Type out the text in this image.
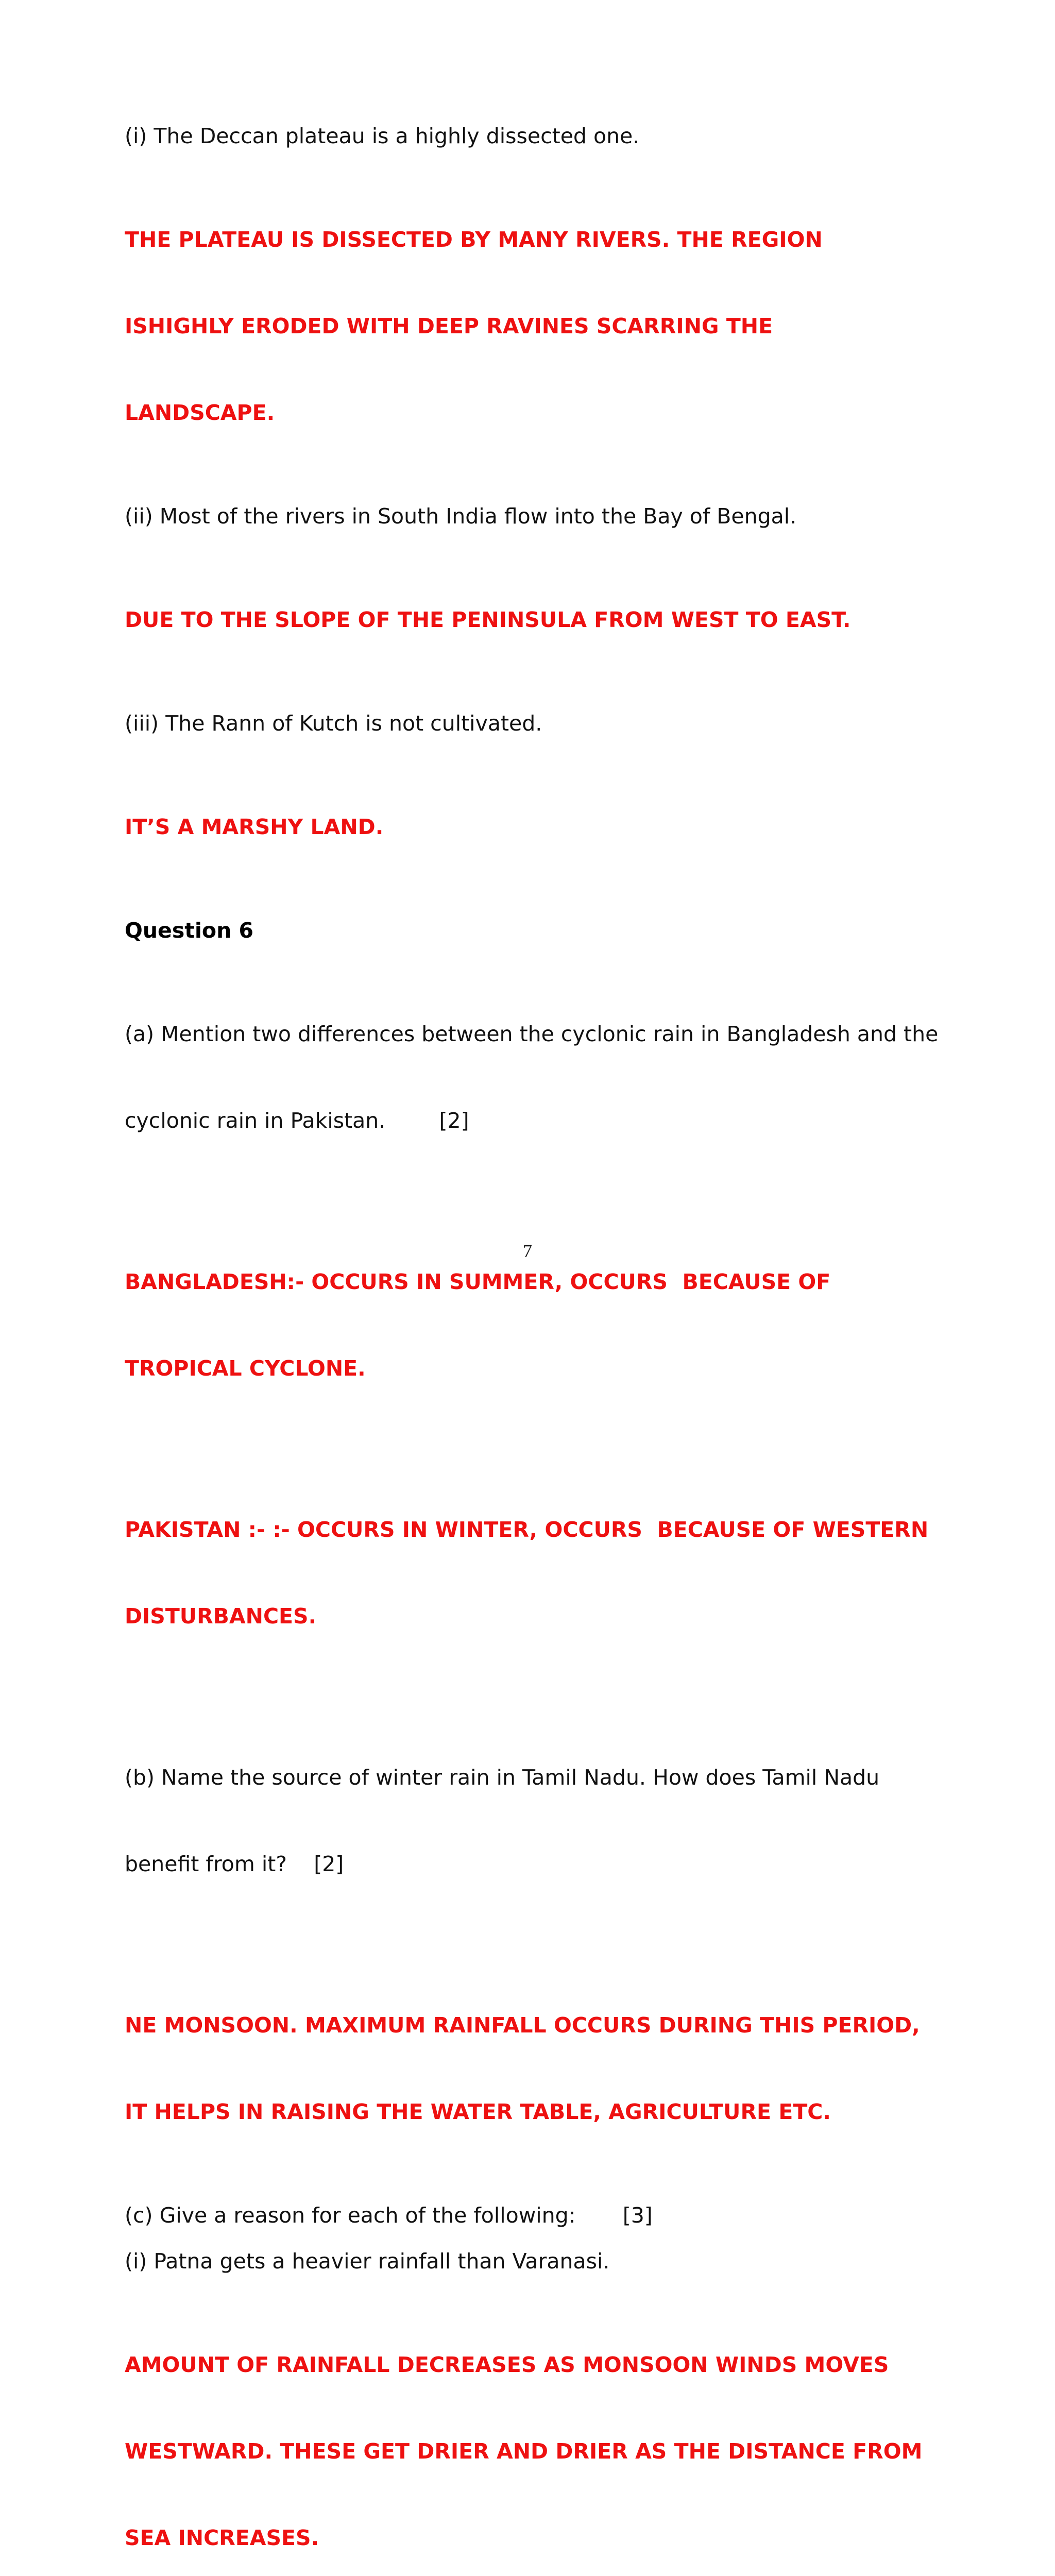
(i) The Deccan plateau is a highly dissected one.

THE PLATEAU IS DISSECTED BY MANY RIVERS. THE REGION

ISHIGHLY ERODED WITH DEEP RAVINES SCARRING THE

LANDSCAPE.

(ii) Most of the rivers in South India flow into the Bay of Bengal.

DUE TO THE SLOPE OF THE PENINSULA FROM WEST TO EAST.

(iii) The Rann of Kutch is not cultivated.

IT’S A MARSHY LAND.

Question 6

(a) Mention two differences between the cyclonic rain in Bangladesh and the

cyclonic rain in Pakistan.        [2]

BANGLADESH:- OCCURS IN SUMMER, OCCURS  BECAUSE OF

TROPICAL CYCLONE.

PAKISTAN :- :- OCCURS IN WINTER, OCCURS  BECAUSE OF WESTERN

DISTURBANCES.

(b) Name the source of winter rain in Tamil Nadu. How does Tamil Nadu

benefit from it?    [2]

NE MONSOON. MAXIMUM RAINFALL OCCURS DURING THIS PERIOD,

IT HELPS IN RAISING THE WATER TABLE, AGRICULTURE ETC.

(c) Give a reason for each of the following:       [3]

(i) Patna gets a heavier rainfall than Varanasi.

AMOUNT OF RAINFALL DECREASES AS MONSOON WINDS MOVES

WESTWARD. THESE GET DRIER AND DRIER AS THE DISTANCE FROM

SEA INCREASES.

7
